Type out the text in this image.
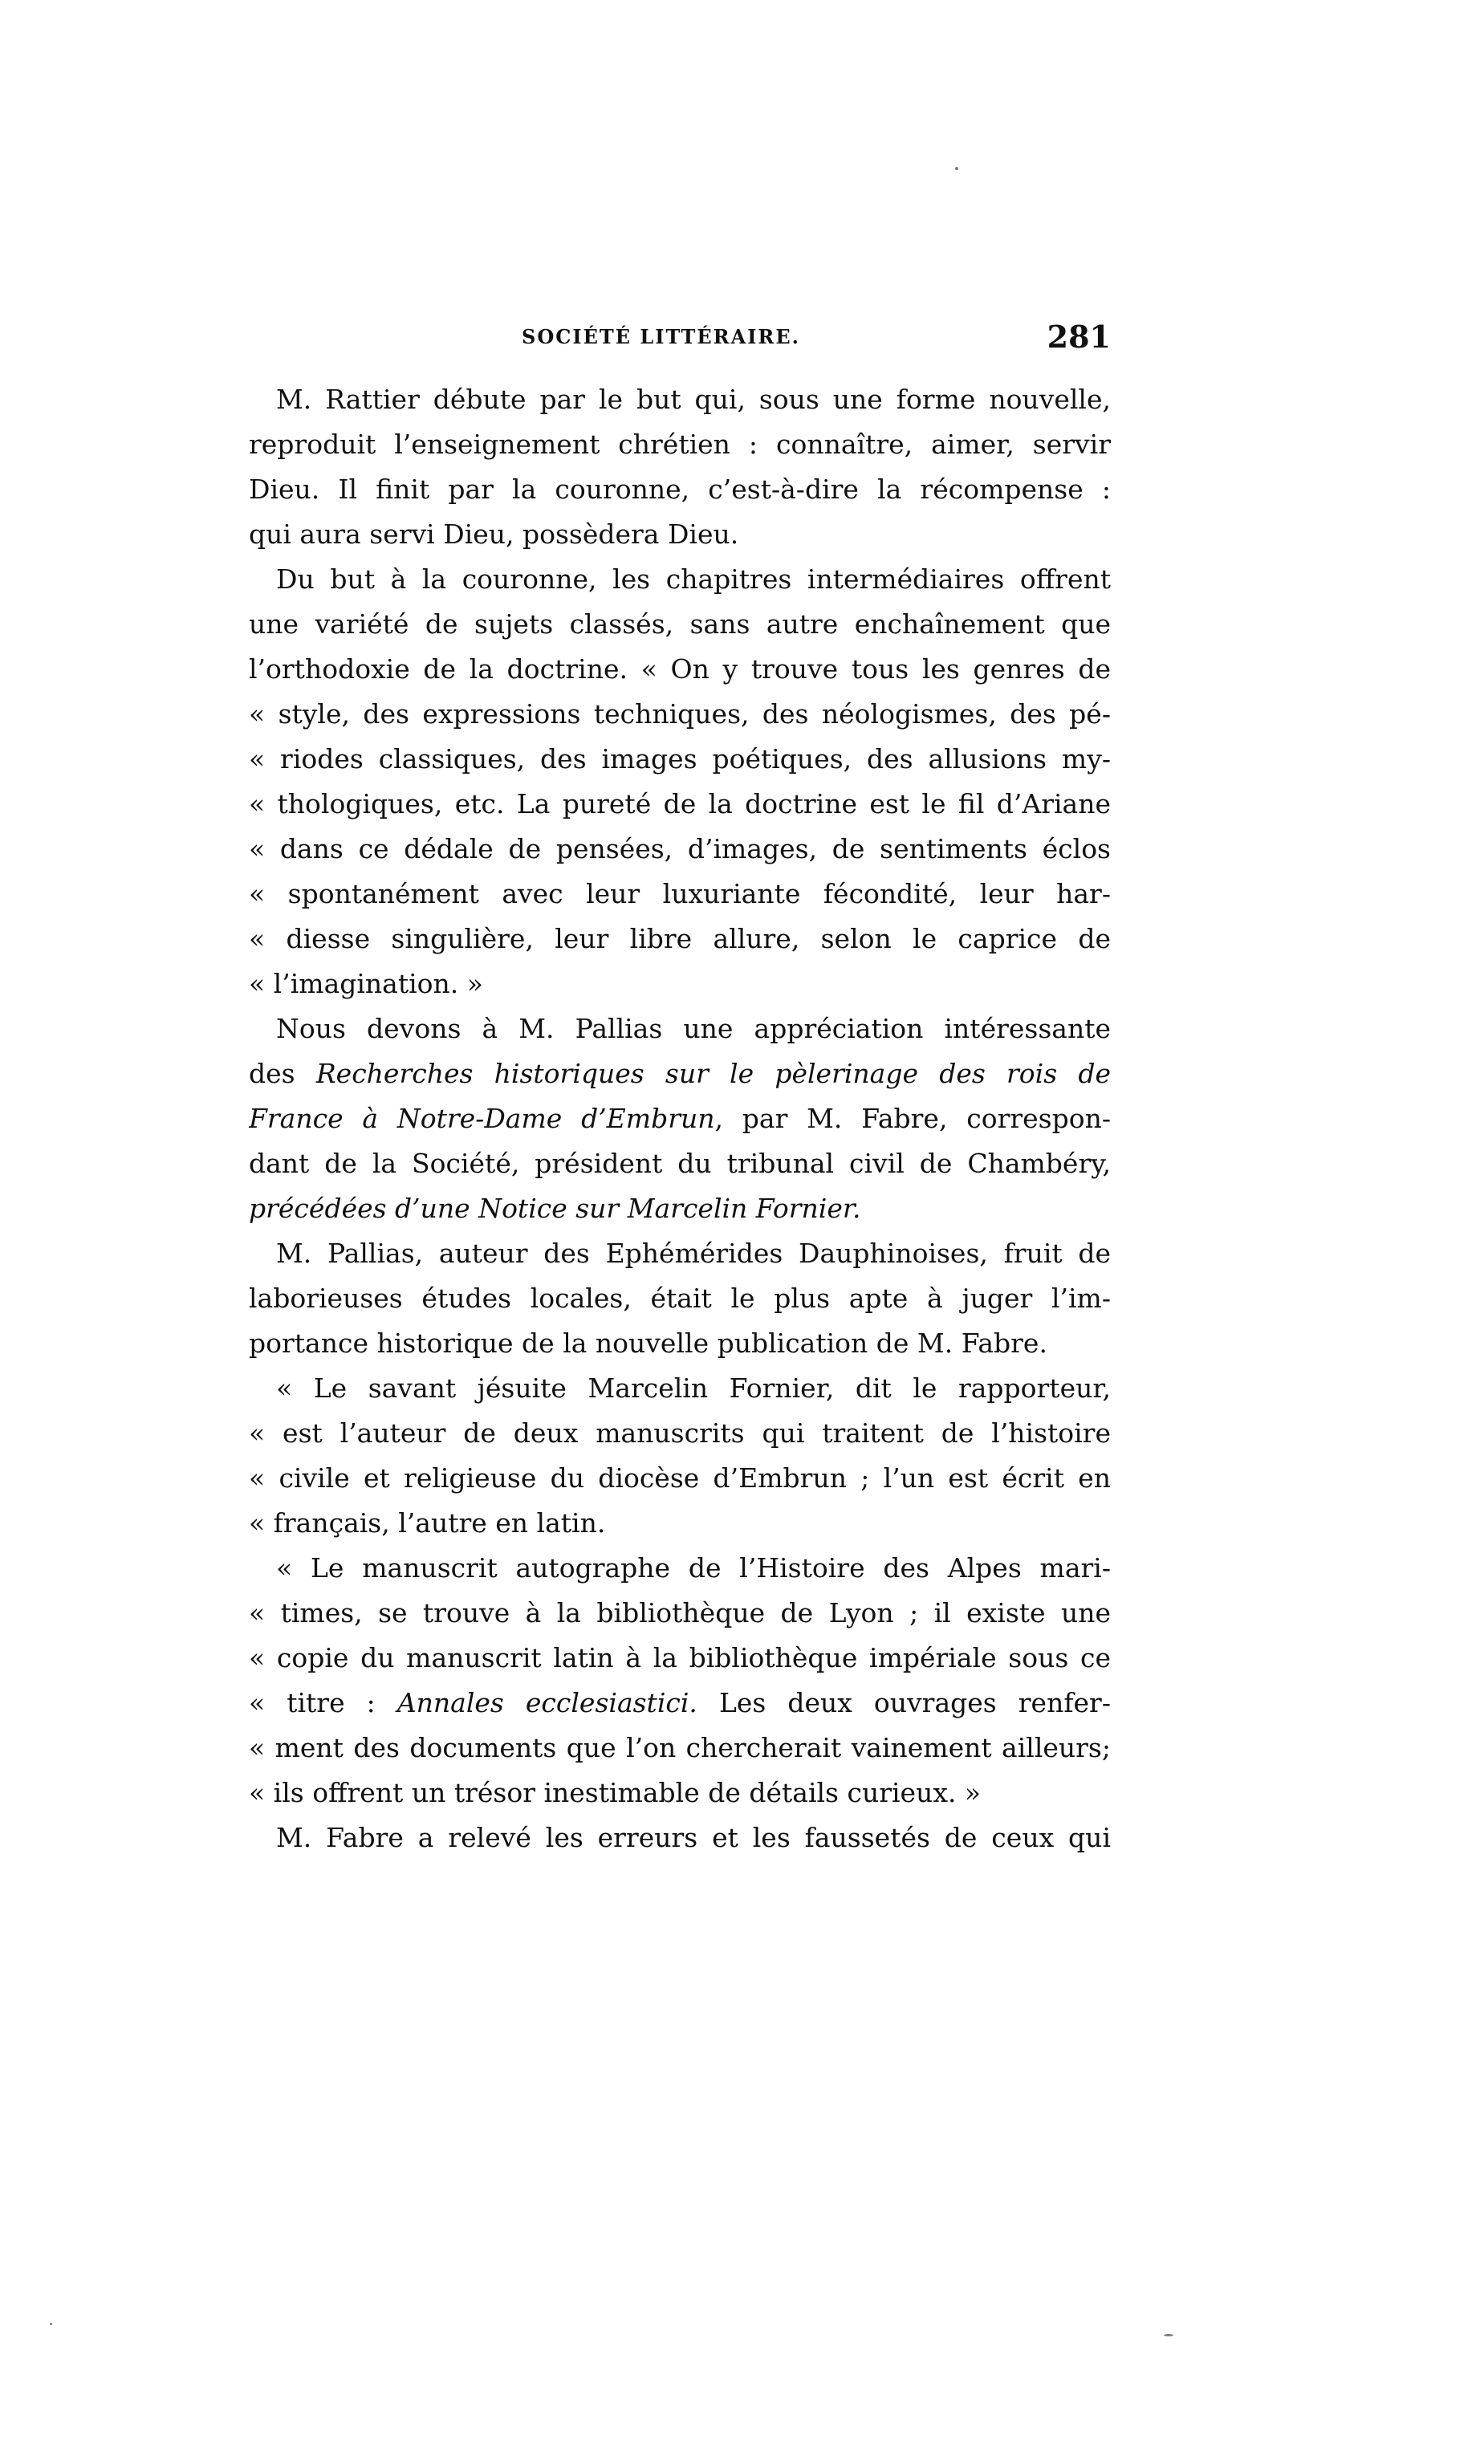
SOCIÉTÉ LITTÉRAIRE.	281
M. Rattier débute par le but qui, sous une forme nouvelle,
reproduit l’enseignement chrétien : connaître, aimer, servir
Dieu. Il finit par la couronne, c’est-à-dire la récompense :
qui aura servi Dieu, possèdera Dieu.
Du but à la couronne, les chapitres intermédiaires offrent
une variété de sujets classés, sans autre enchaînement que
l’orthodoxie de la doctrine. « On y trouve tous les genres de
« style, des expressions techniques, des néologismes, des pé-
« riodes classiques, des images poétiques, des allusions my-
« thologiques, etc. La pureté de la doctrine est le fil d’Ariane
« dans ce dédale de pensées, d’images, de sentiments éclos
« spontanément avec leur luxuriante fécondité, leur har-
« diesse singulière, leur libre allure, selon le caprice de
« l’imagination. »
Nous devons à M. Pallias une appréciation intéressante
des Recherches historiques sur le pèlerinage des rois de
France à Notre-Dame d’Embrun, par M. Fabre, correspon-
dant de la Société, président du tribunal civil de Chambéry,
précédées d’une Notice sur Marcelin Fornier.
M. Pallias, auteur des Ephémérides Dauphinoises, fruit de
laborieuses études locales, était le plus apte à juger l’im-
portance historique de la nouvelle publication de M. Fabre.
« Le savant jésuite Marcelin Fornier, dit le rapporteur,
« est l’auteur de deux manuscrits qui traitent de l’histoire
« civile et religieuse du diocèse d’Embrun ; l’un est écrit en
« français, l’autre en latin.
« Le manuscrit autographe de l’Histoire des Alpes mari-
« times, se trouve à la bibliothèque de Lyon ; il existe une
« copie du manuscrit latin à la bibliothèque impériale sous ce
« titre : Annales ecclesiastici. Les deux ouvrages renfer-
« ment des documents que l’on chercherait vainement ailleurs;
« ils offrent un trésor inestimable de détails curieux. »
M. Fabre a relevé les erreurs et les faussetés de ceux qui
